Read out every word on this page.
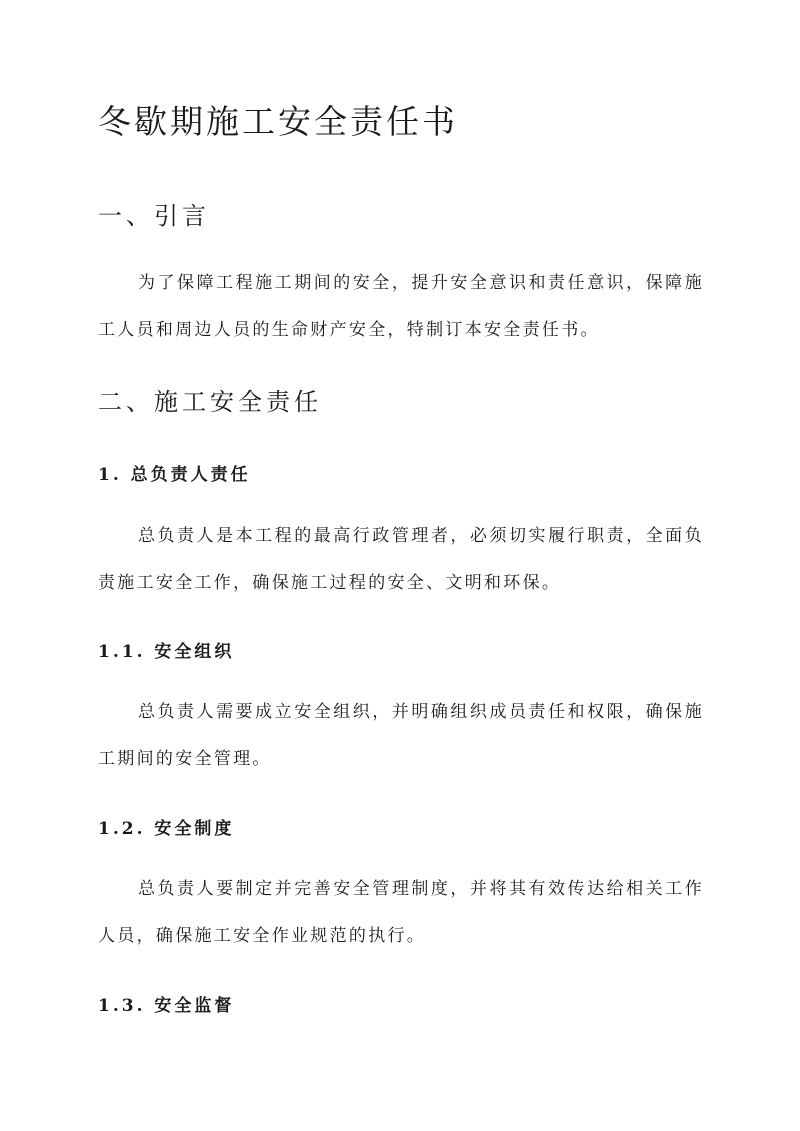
冬歇期施工安全责任书
一、引言

为了保障工程施工期间的安全，提升安全意识和责任意识，保障施工人员和周边人员的生命财产安全，特制订本安全责任书。

二、施工安全责任
1. 总负责人责任

总负责人是本工程的最高行政管理者，必须切实履行职责，全面负责施工安全工作，确保施工过程的安全、文明和环保。

1.1. 安全组织

总负责人需要成立安全组织，并明确组织成员责任和权限，确保施工期间的安全管理。

1.2. 安全制度

总负责人要制定并完善安全管理制度，并将其有效传达给相关工作人员，确保施工安全作业规范的执行。

1.3. 安全监督
